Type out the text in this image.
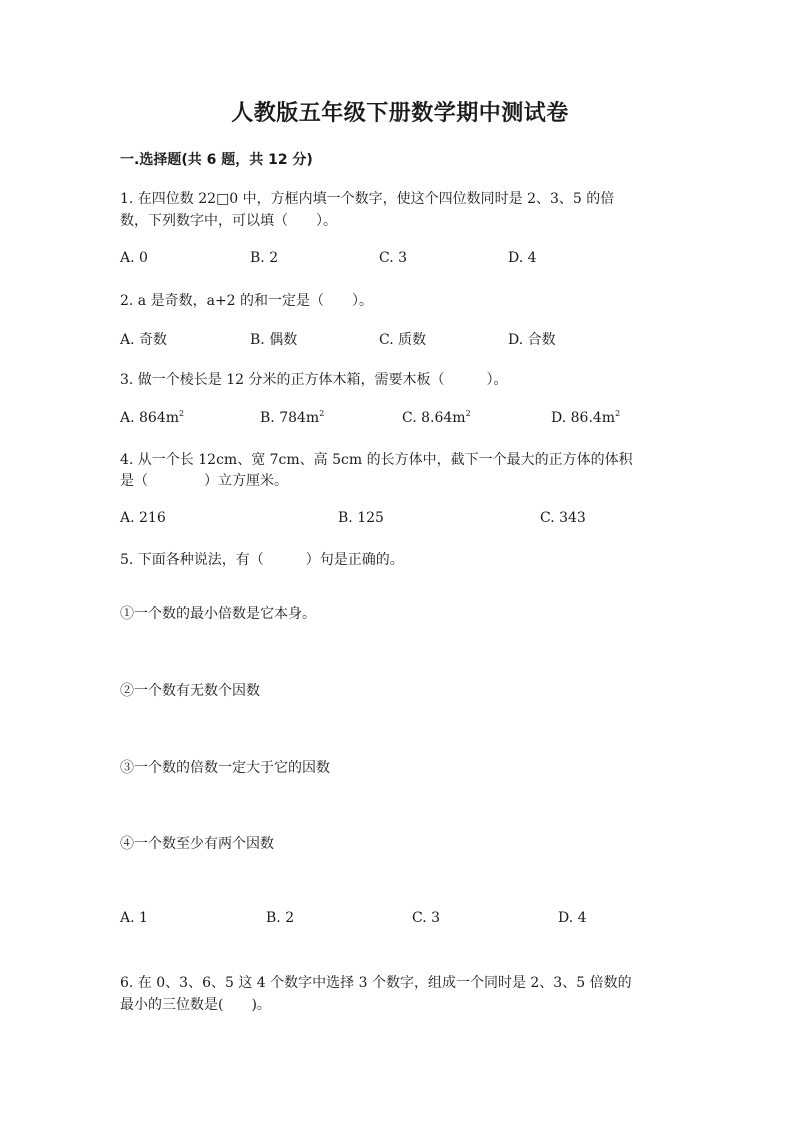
人教版五年级下册数学期中测试卷
一.选择题(共 6 题，共 12 分)
1. 在四位数 22□0 中，方框内填一个数字，使这个四位数同时是 2、3、5 的倍
数，下列数字中，可以填（　　）。
A. 0	B. 2	C. 3	D. 4
2. a 是奇数，a+2 的和一定是（　　）。
A. 奇数	B. 偶数	C. 质数	D. 合数
3. 做一个棱长是 12 分米的正方体木箱，需要木板（　　　）。
A. $864m^2$	B. $784m^2$	C. $8.64m^2$	D. $86.4m^2$
4. 从一个长 12cm、宽 7cm、高 5cm 的长方体中，截下一个最大的正方体的体积
是（　　　　）立方厘米。
A. 216	B. 125	C. 343
5. 下面各种说法，有（　　　）句是正确的。
①一个数的最小倍数是它本身。
②一个数有无数个因数
③一个数的倍数一定大于它的因数
④一个数至少有两个因数
A. 1	B. 2	C. 3	D. 4
6. 在 0、3、6、5 这 4 个数字中选择 3 个数字，组成一个同时是 2、3、5 倍数的
最小的三位数是(　　)。
